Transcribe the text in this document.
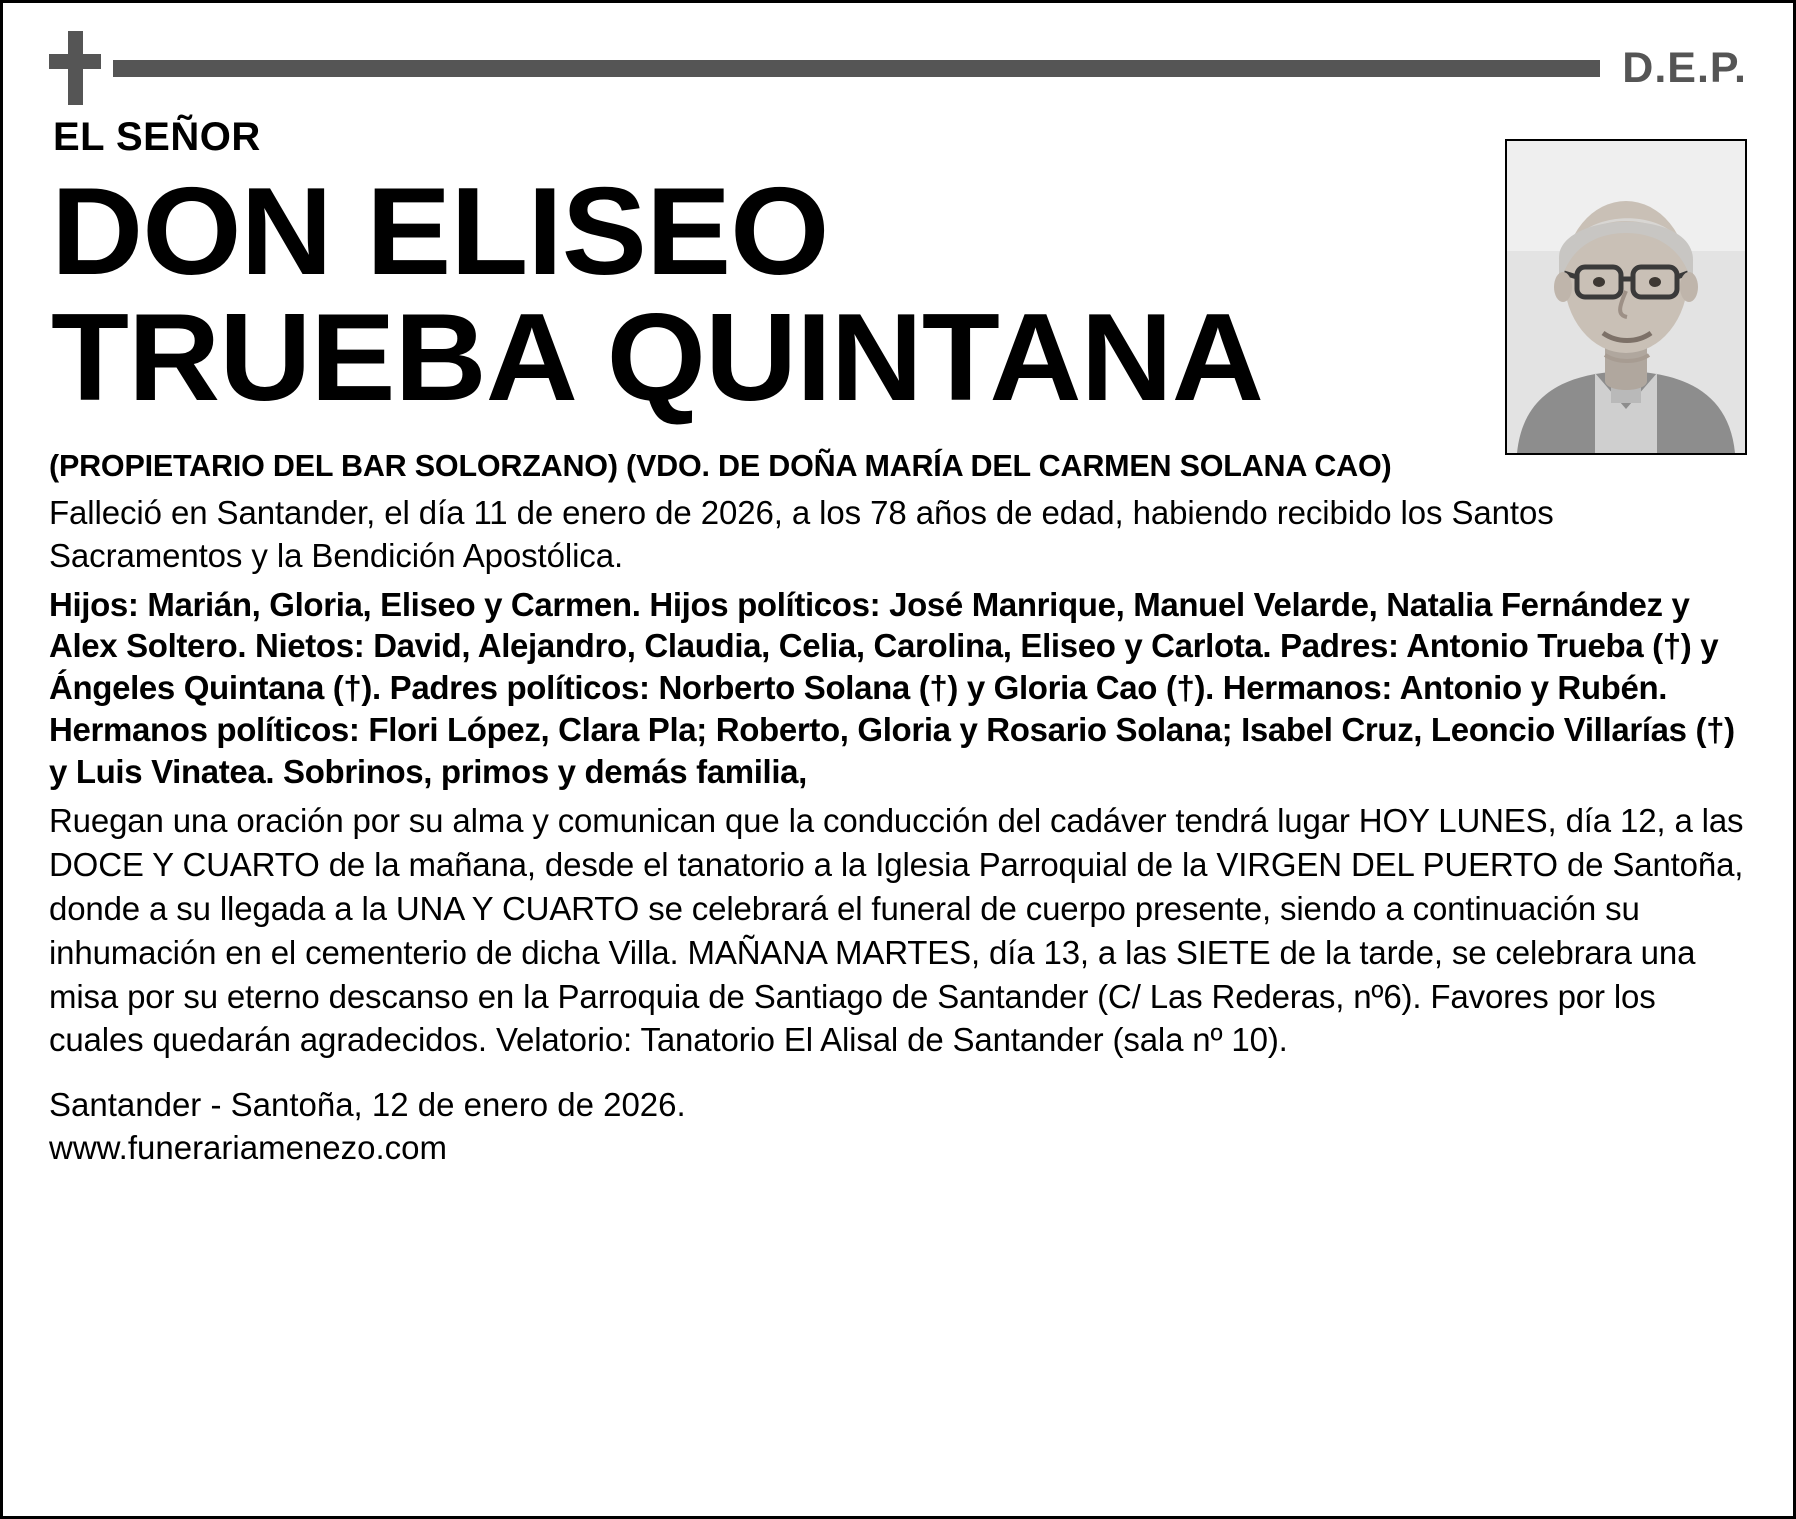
D.E.P.
EL SEÑOR
DON ELISEO
TRUEBA QUINTANA
(PROPIETARIO DEL BAR SOLORZANO) (VDO. DE DOÑA MARÍA DEL CARMEN SOLANA CAO)
Falleció en Santander, el día 11 de enero de 2026, a los 78 años de edad, habiendo recibido los Santos Sacramentos y la Bendición Apostólica.
Hijos: Marián, Gloria, Eliseo y Carmen. Hijos políticos: José Manrique, Manuel Velarde, Natalia Fernández y Alex Soltero. Nietos: David, Alejandro, Claudia, Celia, Carolina, Eliseo y Carlota. Padres: Antonio Trueba (†) y Ángeles Quintana (†). Padres políticos: Norberto Solana (†) y Gloria Cao (†). Hermanos: Antonio y Rubén. Hermanos políticos: Flori López, Clara Pla; Roberto, Gloria y Rosario Solana; Isabel Cruz, Leoncio Villarías (†) y Luis Vinatea. Sobrinos, primos y demás familia,
Ruegan una oración por su alma y comunican que la conducción del cadáver tendrá lugar HOY LUNES, día 12, a las DOCE Y CUARTO de la mañana, desde el tanatorio a la Iglesia Parroquial de la VIRGEN DEL PUERTO de Santoña, donde a su llegada a la UNA Y CUARTO se celebrará el funeral de cuerpo presente, siendo a continuación su inhumación en el cementerio de dicha Villa. MAÑANA MARTES, día 13, a las SIETE de la tarde, se celebrara una misa por su eterno descanso en la Parroquia de Santiago de Santander (C/ Las Rederas, nº6). Favores por los cuales quedarán agradecidos. Velatorio: Tanatorio El Alisal de Santander (sala nº 10).
Santander - Santoña, 12 de enero de 2026.
www.funerariamenezo.com
